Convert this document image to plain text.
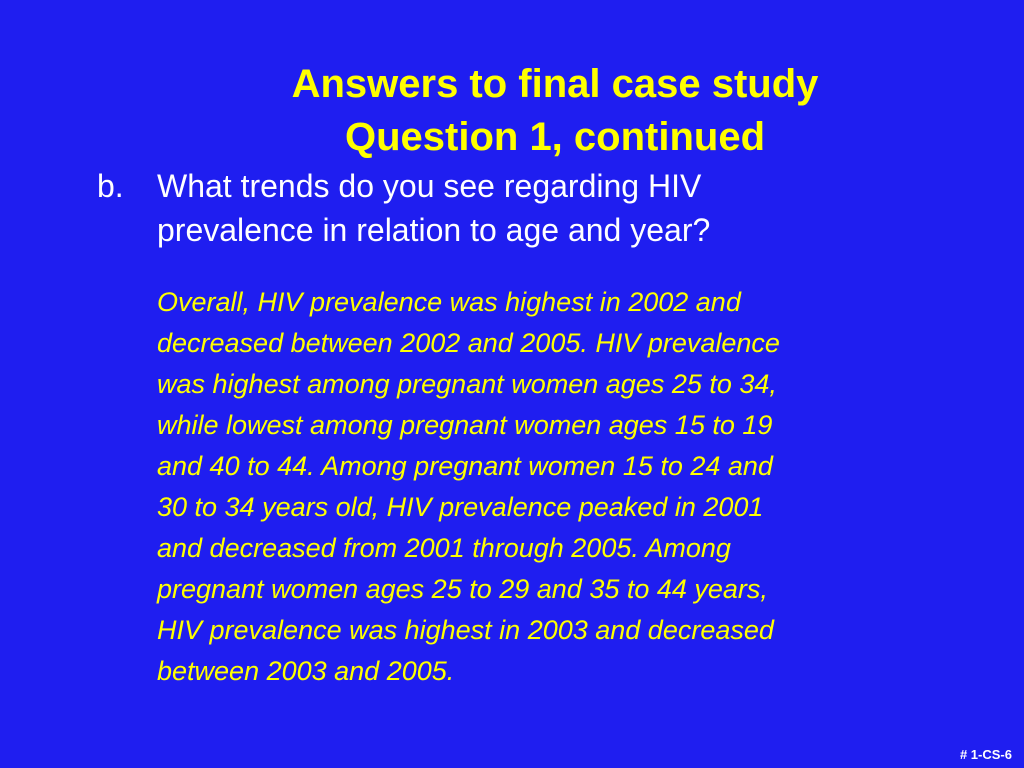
Answers to final case study
Question 1, continued
b.	What trends do you see regarding HIV
prevalence in relation to age and year?

Overall, HIV prevalence was highest in 2002 and
decreased between 2002 and 2005. HIV prevalence
was highest among pregnant women ages 25 to 34,
while lowest among pregnant women ages 15 to 19
and 40 to 44. Among pregnant women 15 to 24 and
30 to 34 years old, HIV prevalence peaked in 2001
and decreased from 2001 through 2005. Among
pregnant women ages 25 to 29 and 35 to 44 years,
HIV prevalence was highest in 2003 and decreased
between 2003 and 2005.

# 1-CS-6
